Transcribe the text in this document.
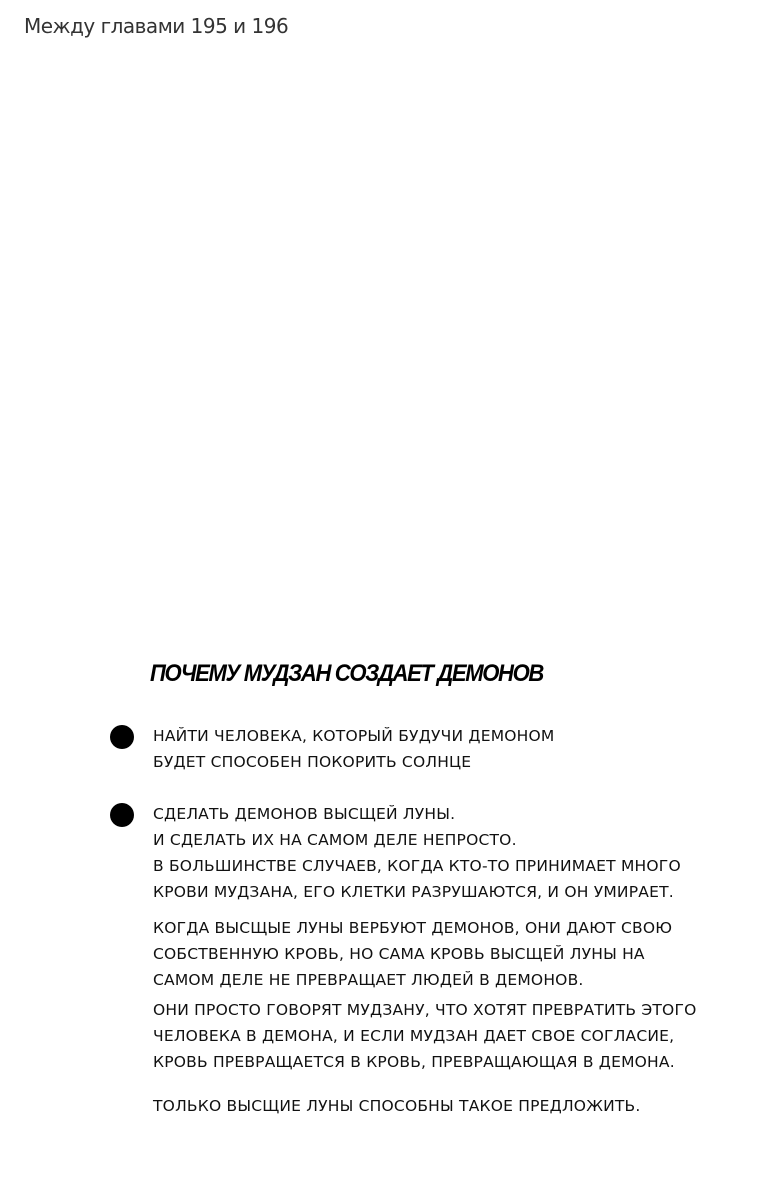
Между главами 195 и 196
ПОЧЕМУ МУДЗАН СОЗДАЕТ ДЕМОНОВ
НАЙТИ ЧЕЛОВЕКА, КОТОРЫЙ БУДУЧИ ДЕМОНОМ
БУДЕТ СПОСОБЕН ПОКОРИТЬ СОЛНЦЕ
СДЕЛАТЬ ДЕМОНОВ ВЫСЩЕЙ ЛУНЫ.
И СДЕЛАТЬ ИХ НА САМОМ ДЕЛЕ НЕПРОСТО.
В БОЛЬШИНСТВЕ СЛУЧАЕВ, КОГДА КТО-ТО ПРИНИМАЕТ МНОГО
КРОВИ МУДЗАНА, ЕГО КЛЕТКИ РАЗРУШАЮТСЯ, И ОН УМИРАЕТ.
КОГДА ВЫСЩЫЕ ЛУНЫ ВЕРБУЮТ ДЕМОНОВ, ОНИ ДАЮТ СВОЮ
СОБСТВЕННУЮ КРОВЬ, НО САМА КРОВЬ ВЫСЩЕЙ ЛУНЫ НА
САМОМ ДЕЛЕ НЕ ПРЕВРАЩАЕТ ЛЮДЕЙ В ДЕМОНОВ.
ОНИ ПРОСТО ГОВОРЯТ МУДЗАНУ, ЧТО ХОТЯТ ПРЕВРАТИТЬ ЭТОГО
ЧЕЛОВЕКА В ДЕМОНА, И ЕСЛИ МУДЗАН ДАЕТ СВОЕ СОГЛАСИЕ,
КРОВЬ ПРЕВРАЩАЕТСЯ В КРОВЬ, ПРЕВРАЩАЮЩАЯ В ДЕМОНА.
ТОЛЬКО ВЫСЩИЕ ЛУНЫ СПОСОБНЫ ТАКОЕ ПРЕДЛОЖИТЬ.
